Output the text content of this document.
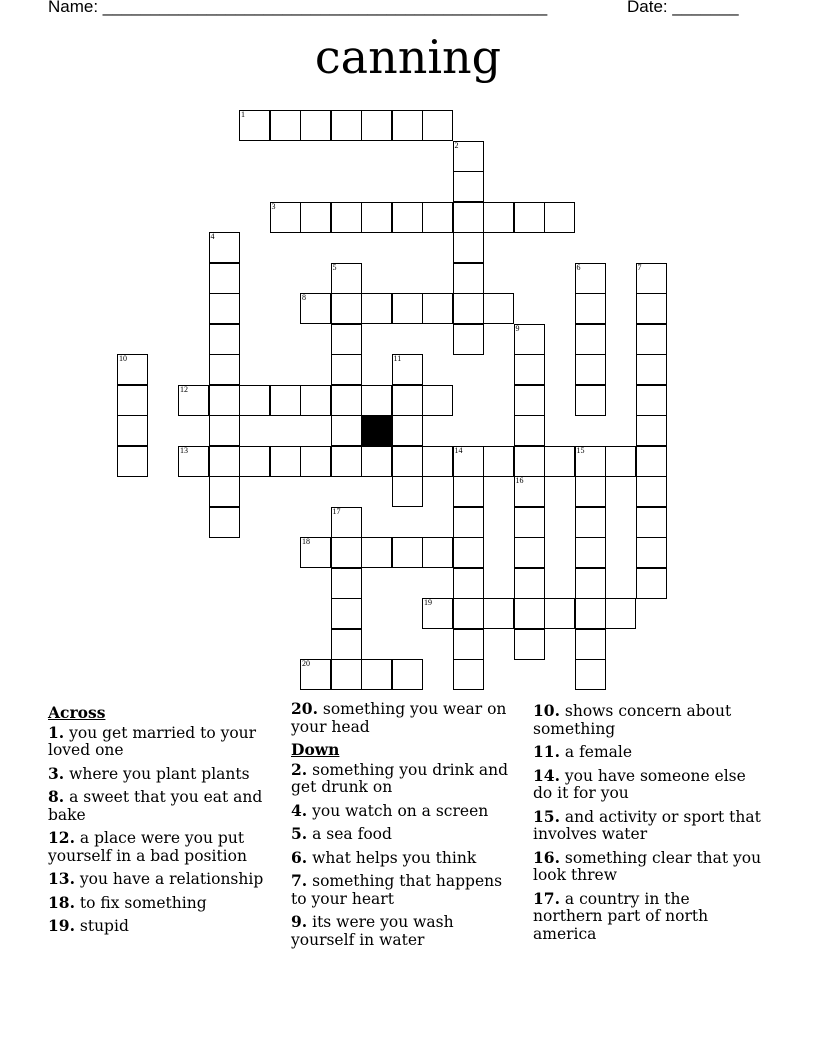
Name: _______________________________________________	Date: _______
canning
1
2
3
4
5	6	7
8
9
10	11
12
13	14	15
16
17
18
19
20
Across
1. you get married to your loved one
3. where you plant plants
8. a sweet that you eat and bake
12. a place were you put yourself in a bad position
13. you have a relationship
18. to fix something
19. stupid
20. something you wear on your head
Down
2. something you drink and get drunk on
4. you watch on a screen
5. a sea food
6. what helps you think
7. something that happens to your heart
9. its were you wash yourself in water
10. shows concern about something
11. a female
14. you have someone else do it for you
15. and activity or sport that involves water
16. something clear that you look threw
17. a country in the northern part of north america
